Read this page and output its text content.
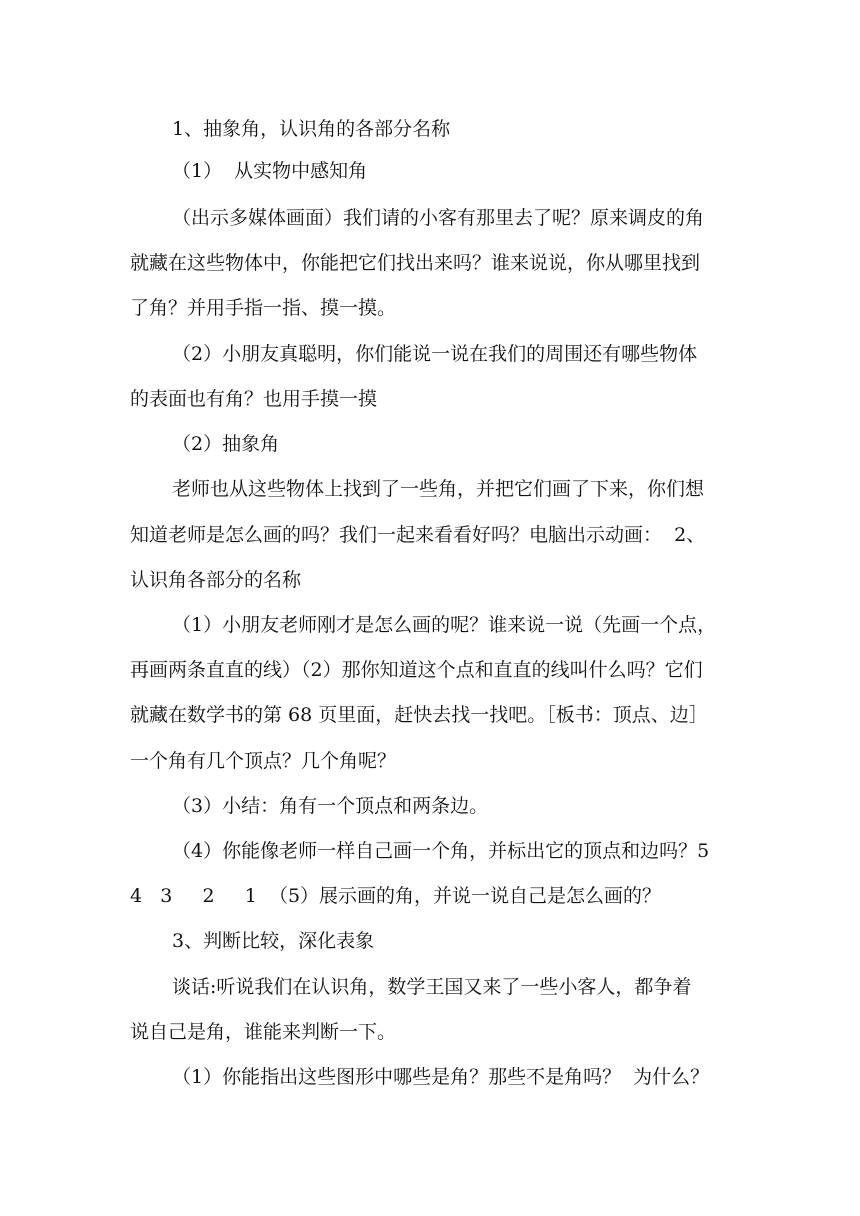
1、抽象角，认识角的各部分名称
（1）  从实物中感知角
（出示多媒体画面）我们请的小客有那里去了呢？原来调皮的角
就藏在这些物体中，你能把它们找出来吗？谁来说说，你从哪里找到
了角？并用手指一指、摸一摸。
（2）小朋友真聪明，你们能说一说在我们的周围还有哪些物体
的表面也有角？也用手摸一摸
（2）抽象角
老师也从这些物体上找到了一些角，并把它们画了下来，你们想
知道老师是怎么画的吗？我们一起来看看好吗？电脑出示动画：  2、
认识角各部分的名称
（1）小朋友老师刚才是怎么画的呢？谁来说一说（先画一个点，
再画两条直直的线）（2）那你知道这个点和直直的线叫什么吗？它们
就藏在数学书的第 68 页里面，赶快去找一找吧。［板书：顶点、边］
一个角有几个顶点？几个角呢？
（3）小结：角有一个顶点和两条边。
（4）你能像老师一样自己画一个角，并标出它的顶点和边吗？5
4   3     2     1  （5）展示画的角，并说一说自己是怎么画的？
3、判断比较，深化表象
谈话:听说我们在认识角，数学王国又来了一些小客人，都争着
说自己是角，谁能来判断一下。
（1）你能指出这些图形中哪些是角？那些不是角吗？  为什么？
